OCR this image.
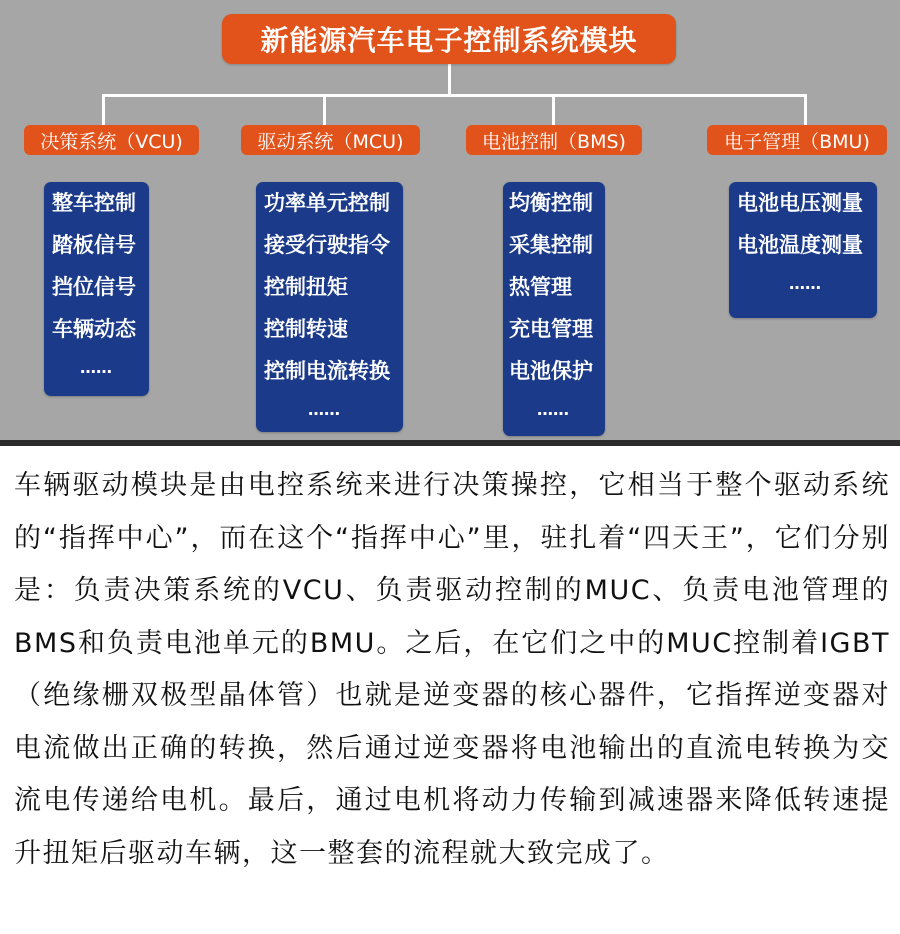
新能源汽车电子控制系统模块
决策系统（VCU)	驱动系统（MCU)	电池控制（BMS)	电子管理（BMU)
整车控制
踏板信号
挡位信号
车辆动态
……
功率单元控制
接受行驶指令
控制扭矩
控制转速
控制电流转换
……
均衡控制
采集控制
热管理
充电管理
电池保护
……
电池电压测量
电池温度测量
……

车辆驱动模块是由电控系统来进行决策操控，它相当于整个驱动系统的“指挥中心”，而在这个“指挥中心”里，驻扎着“四天王”，它们分别是：负责决策系统的VCU、负责驱动控制的MUC、负责电池管理的BMS和负责电池单元的BMU。之后，在它们之中的MUC控制着IGBT（绝缘栅双极型晶体管）也就是逆变器的核心器件，它指挥逆变器对电流做出正确的转换，然后通过逆变器将电池输出的直流电转换为交流电传递给电机。最后，通过电机将动力传输到减速器来降低转速提升扭矩后驱动车辆，这一整套的流程就大致完成了。
